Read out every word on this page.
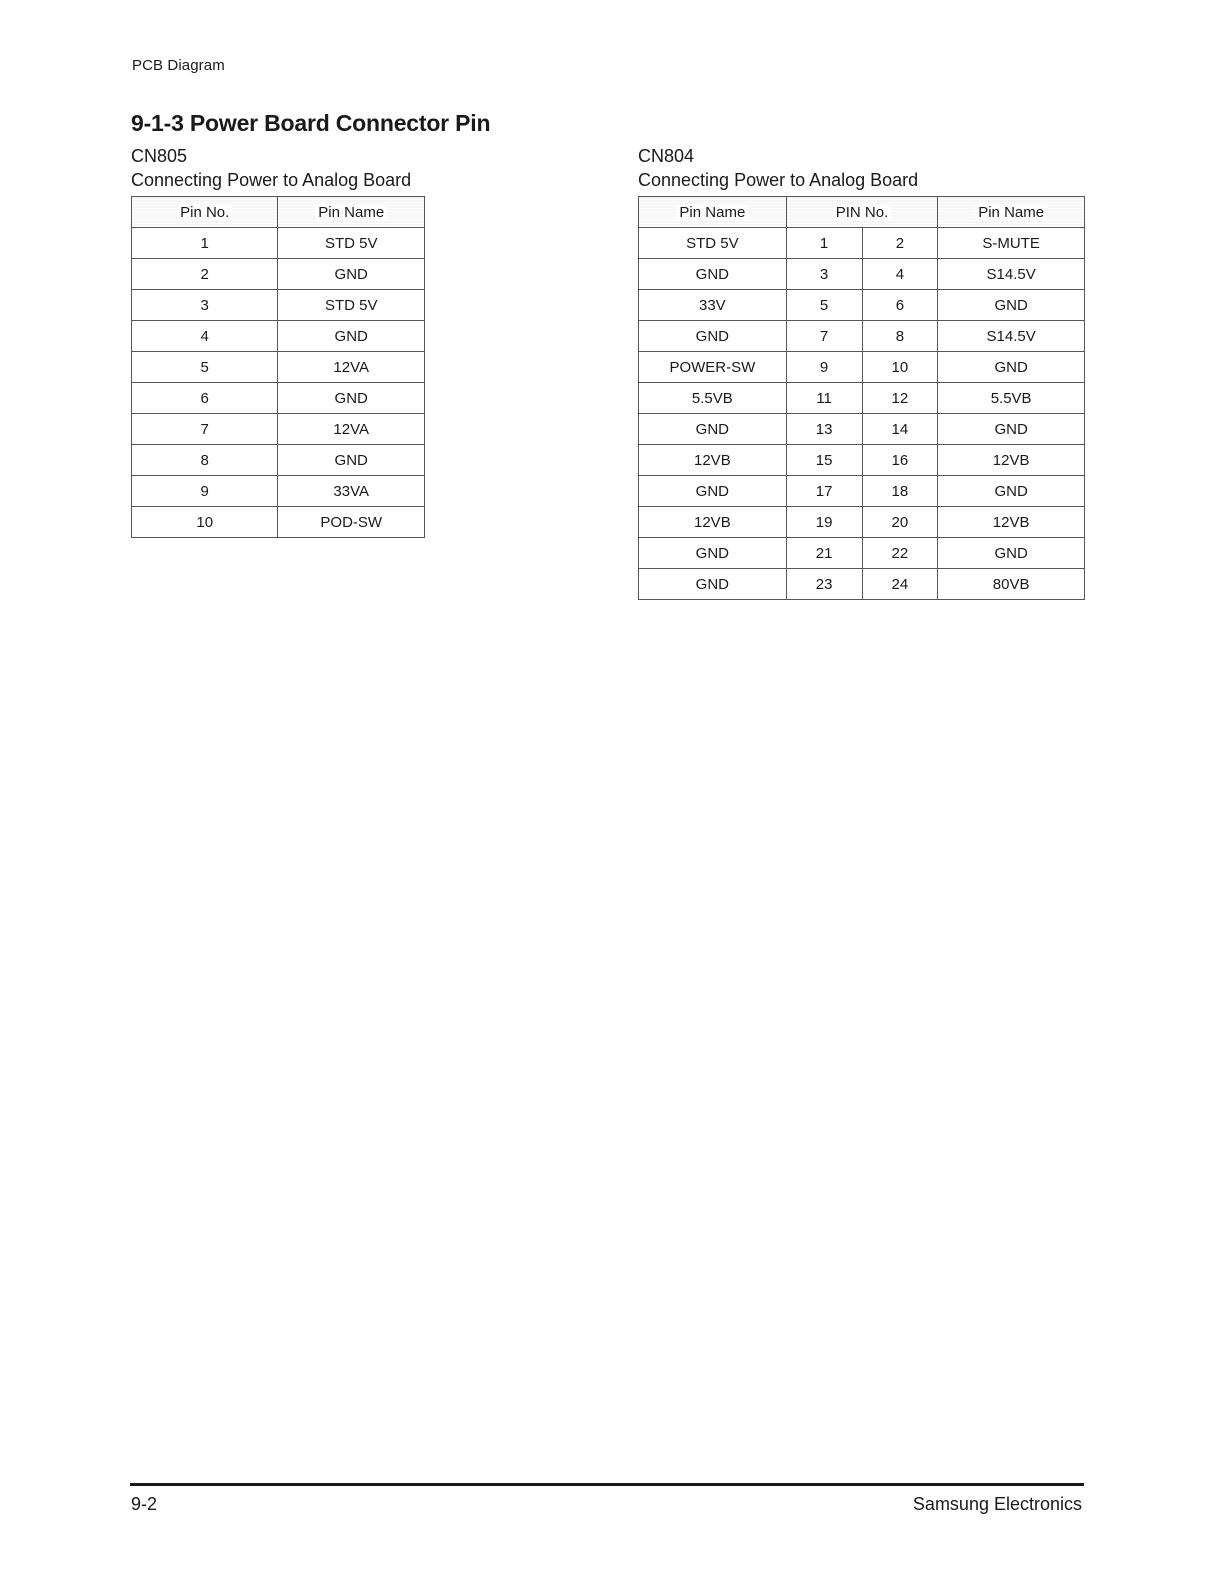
PCB Diagram
9-1-3 Power Board Connector Pin

CN805

Connecting Power to Analog Board

Pin No.	Pin Name
1	STD 5V
2	GND
3	STD 5V
4	GND
5	12VA
6	GND
7	12VA
8	GND
9	33VA
10	POD-SW

CN804

Connecting Power to Analog Board

Pin Name	PIN No.		Pin Name
STD 5V	1	2	S-MUTE
GND	3	4	S14.5V
33V	5	6	GND
GND	7	8	S14.5V
POWER-SW	9	10	GND
5.5VB	11	12	5.5VB
GND	13	14	GND
12VB	15	16	12VB
GND	17	18	GND
12VB	19	20	12VB
GND	21	22	GND
GND	23	24	80VB
9-2	Samsung Electronics
